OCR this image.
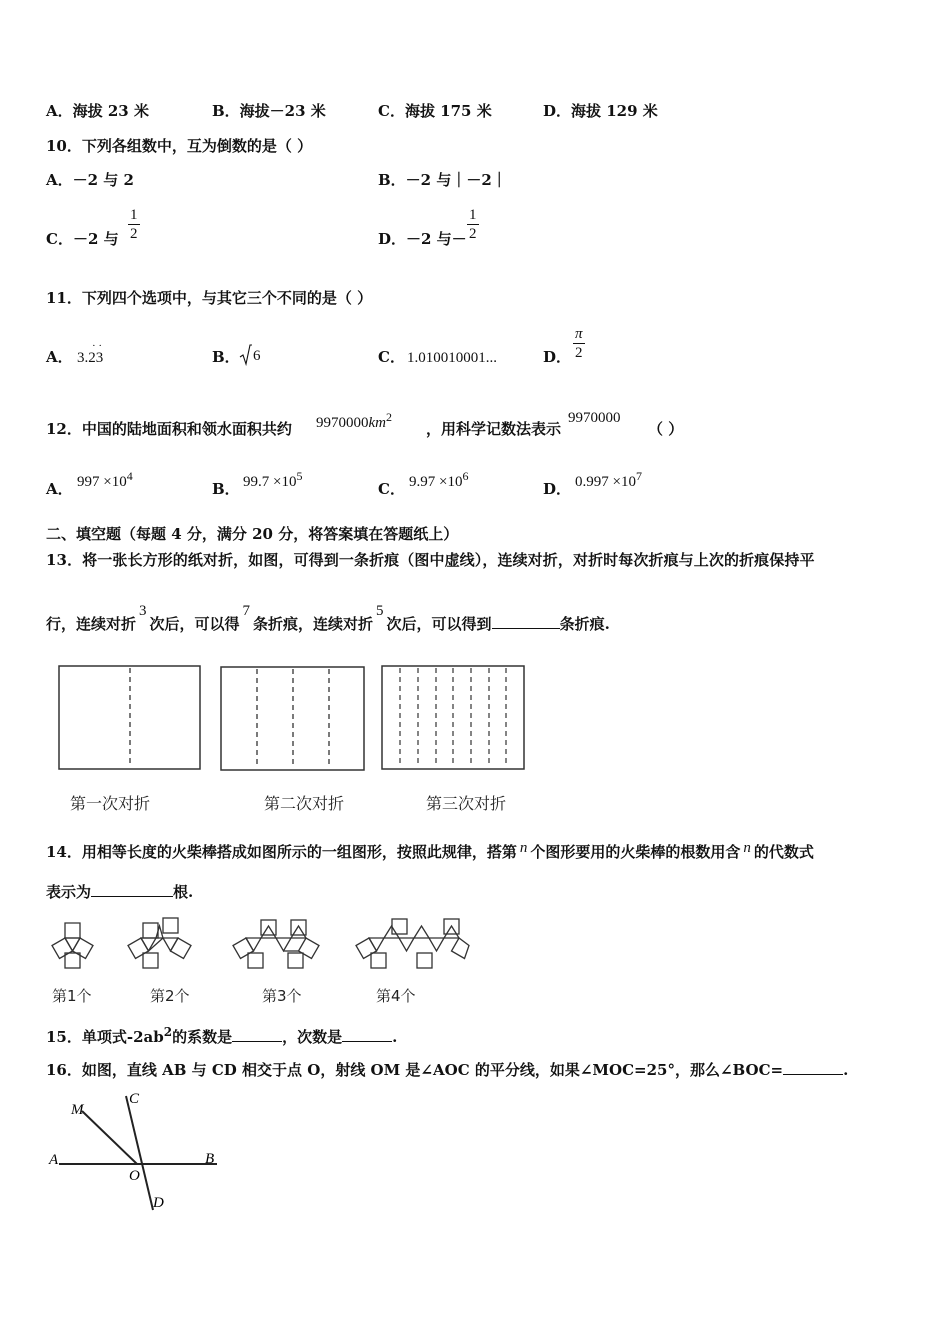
A．海拔 23 米	B．海拔－23 米	C．海拔 175 米	D．海拔 129 米
10．下列各组数中，互为倒数的是（ ）
A．－2 与 2	B．－2 与｜－2｜
C．－2 与 $\frac{1}{2}$	D．－2 与－ $\frac{1}{2}$
11．下列四个选项中，与其它三个不同的是（ ）
A．
· ·
3.23	B． 6	C． 1.010010001...	D． $\frac{\pi}{2}$
12．中国的陆地面积和领水面积共约 $9970000km^2$
，用科学记数法表示
9970000
（ ）
A． $997 \times 10^4$
B． $99.7 \times 10^5$
C． $9.97 \times 10^6$
D． $0.997 \times 10^7$
二、填空题（每题 4 分，满分 20 分，将答案填在答题纸上）
13．将一张长方形的纸对折，如图，可得到一条折痕（图中虚线），连续对折，对折时每次折痕与上次的折痕保持平
行，连续对折3次后，可以得7条折痕，连续对折5次后，可以得到	条折痕.
第一次对折	第二次对折	第三次对折
14．用相等长度的火柴棒搭成如图所示的一组图形，按照此规律，搭第 n 个图形要用的火柴棒的根数用含 n 的代数式
表示为	根.
第1个	第2个	第3个	第4个
15．单项式$-2ab^2$的系数是	，次数是	.
16．如图，直线 AB 与 CD 相交于点 O，射线 OM 是∠AOC 的平分线，如果∠MOC=25°，那么∠BOC=	.
M
C
A	B
O
D
